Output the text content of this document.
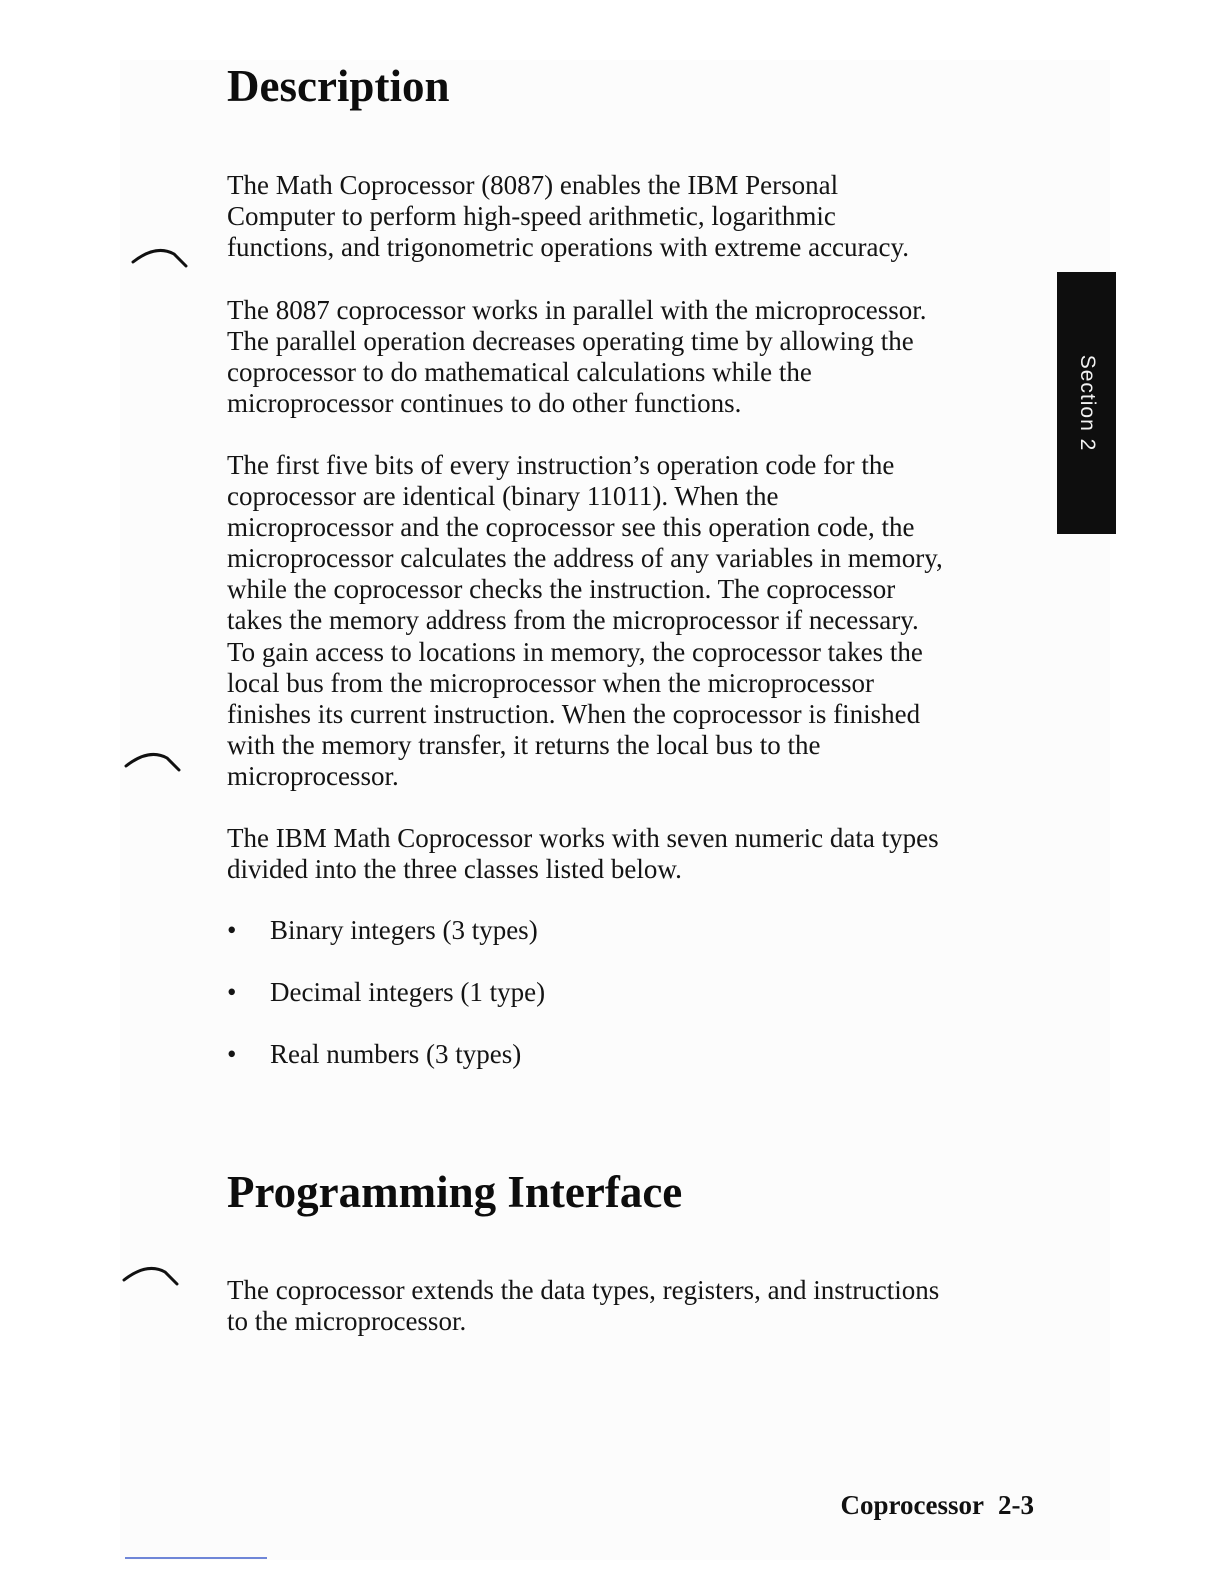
Description

The Math Coprocessor (8087) enables the IBM Personal
Computer to perform high-speed arithmetic, logarithmic
functions, and trigonometric operations with extreme accuracy.

The 8087 coprocessor works in parallel with the microprocessor.
The parallel operation decreases operating time by allowing the
coprocessor to do mathematical calculations while the
microprocessor continues to do other functions.

The first five bits of every instruction’s operation code for the
coprocessor are identical (binary 11011). When the
microprocessor and the coprocessor see this operation code, the
microprocessor calculates the address of any variables in memory,
while the coprocessor checks the instruction. The coprocessor
takes the memory address from the microprocessor if necessary.
To gain access to locations in memory, the coprocessor takes the
local bus from the microprocessor when the microprocessor
finishes its current instruction. When the coprocessor is finished
with the memory transfer, it returns the local bus to the
microprocessor.

The IBM Math Coprocessor works with seven numeric data types
divided into the three classes listed below.

• Binary integers (3 types)
• Decimal integers (1 type)
• Real numbers (3 types)
Programming Interface

The coprocessor extends the data types, registers, and instructions
to the microprocessor.

Section 2
Coprocessor 2-3
